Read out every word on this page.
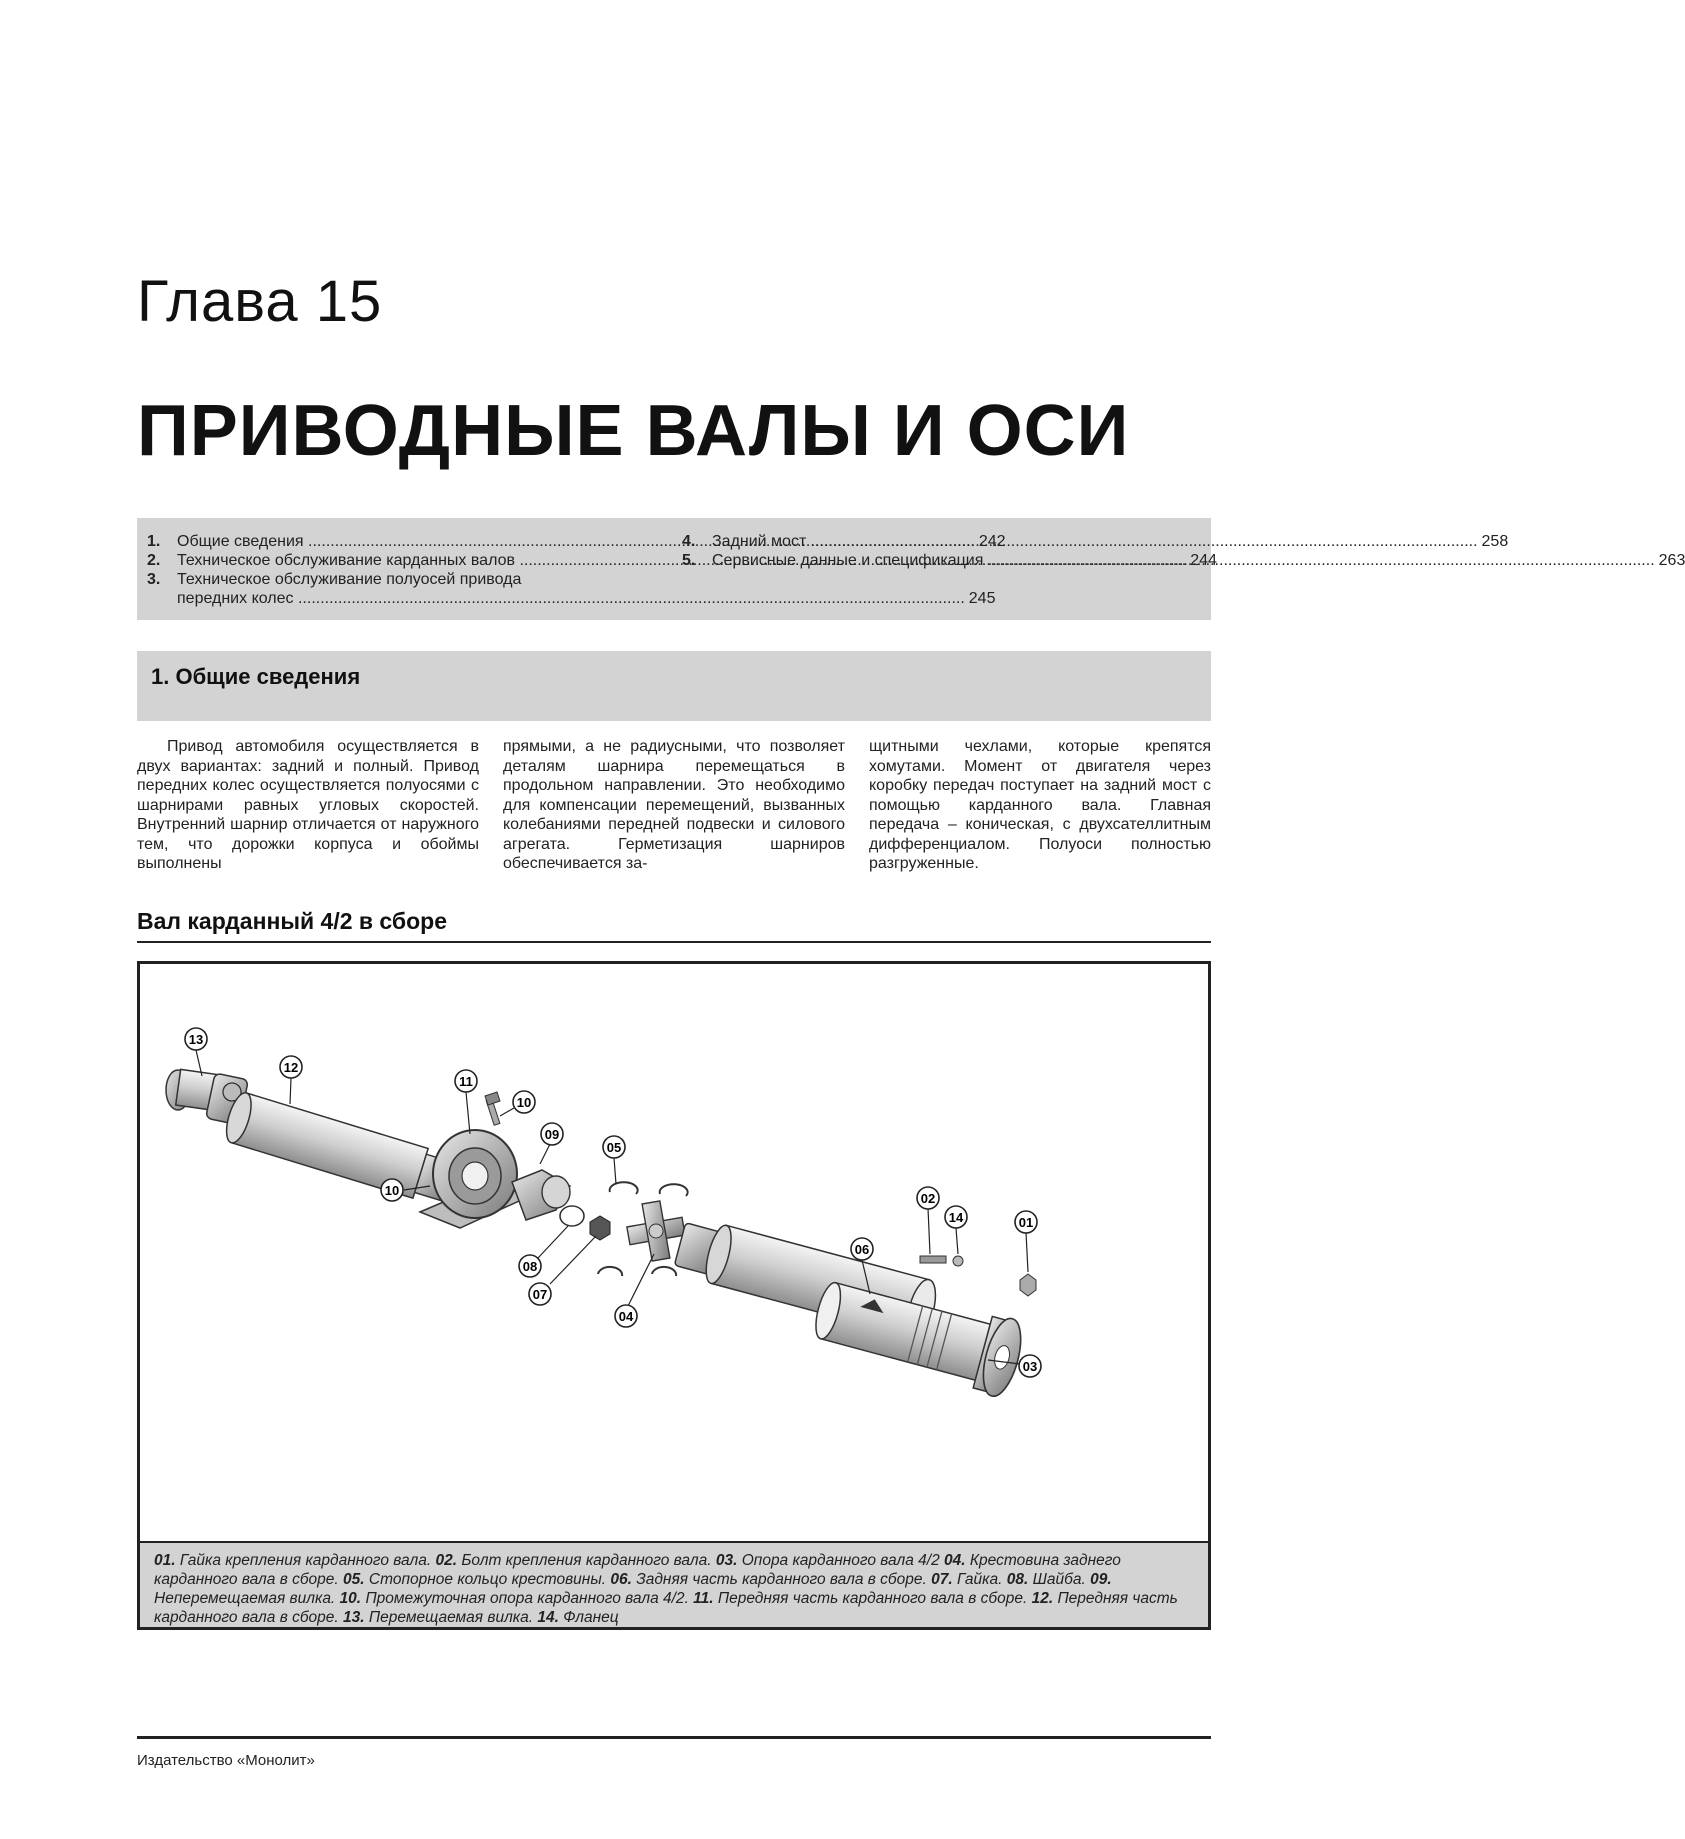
Глава 15
ПРИВОДНЫЕ ВАЛЫ И ОСИ
1.	Общие сведения .....	242
2.	Техническое обслуживание карданных валов .....	244
3.	Техническое обслуживание полуосей привода
передних колес .....	245
4.	Задний мост .....	258
5.	Сервисные данные и спецификация .....	263
1. Общие сведения
Привод автомобиля осуществляется в двух вариантах: задний и полный. Привод передних колес осуществляется полуосями с шарнирами равных угловых скоростей. Внутренний шарнир отличается от наружного тем, что дорожки корпуса и обоймы выполнены
прямыми, а не радиусными, что позволяет деталям шарнира перемещаться в продольном направлении. Это необходимо для компенсации перемещений, вызванных колебаниями передней подвески и силового агрегата. Герметизация шарниров обеспечивается за-
щитными чехлами, которые крепятся хомутами. Момент от двигателя через коробку передач поступает на задний мост с помощью карданного вала. Главная передача – коническая, с двухсателлитным дифференциалом. Полуоси полностью разгруженные.
Вал карданный 4/2 в сборе
13
12
11
10
09
10
05
08
07
02
14	01
06
04
03
01. Гайка крепления карданного вала. 02. Болт крепления карданного вала. 03. Опора карданного вала 4/2 04. Крестовина заднего карданного вала в сборе. 05. Стопорное кольцо крестовины. 06. Задняя часть карданного вала в сборе. 07. Гайка. 08. Шайба. 09. Неперемещаемая вилка. 10. Промежуточная опора карданного вала 4/2. 11. Передняя часть карданного вала в сборе. 12. Передняя часть карданного вала в сборе. 13. Перемещаемая вилка. 14. Фланец
Издательство «Монолит»
